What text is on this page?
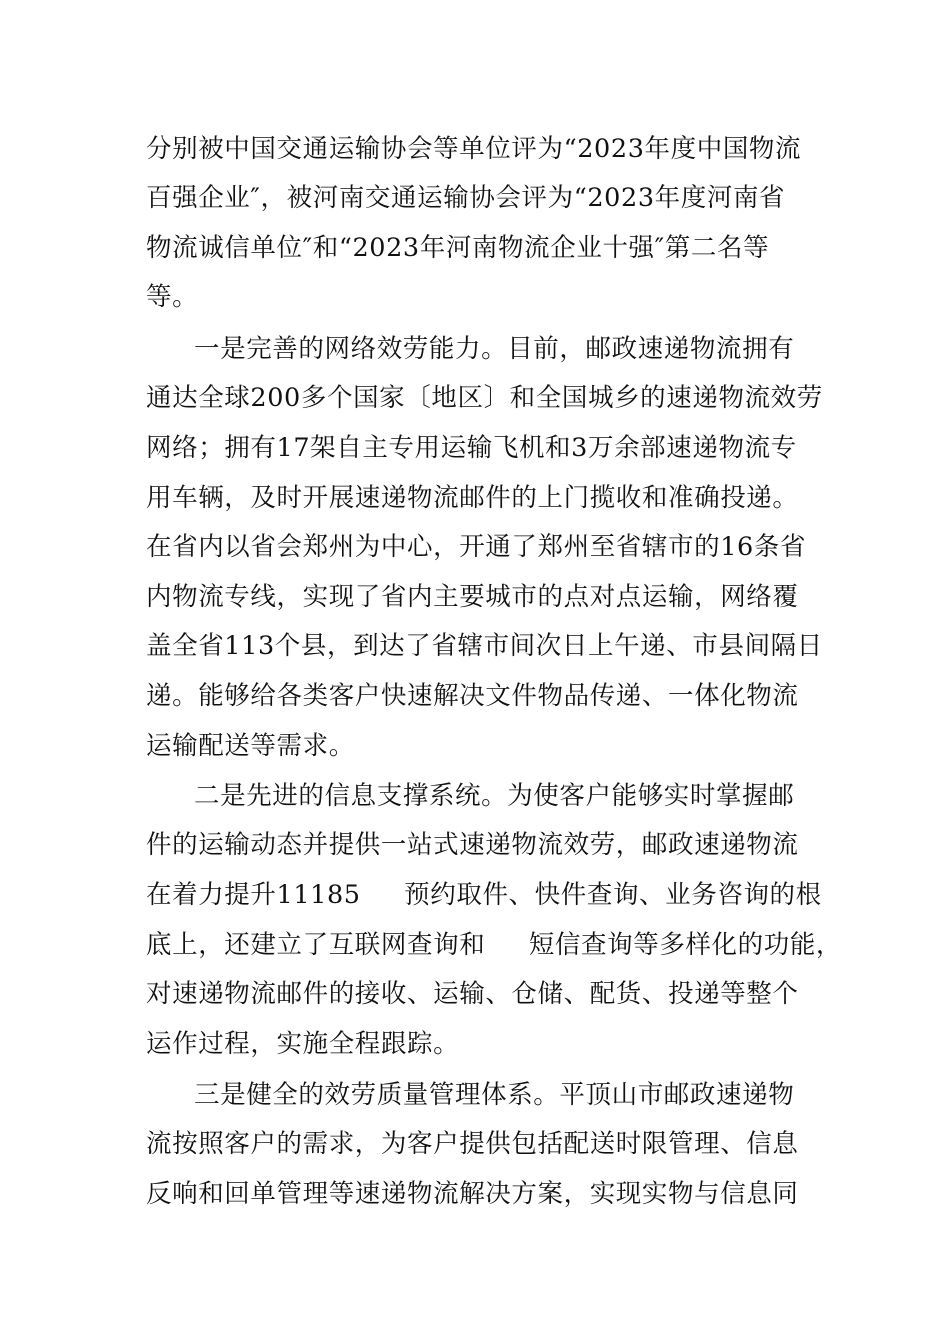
分别被中国交通运输协会等单位评为“2023年度中国物流
百强企业″，被河南交通运输协会评为“2023年度河南省
物流诚信单位″和“2023年河南物流企业十强″第二名等
等。
一是完善的网络效劳能力。目前，邮政速递物流拥有
通达全球200多个国家〔地区〕和全国城乡的速递物流效劳
网络；拥有17架自主专用运输飞机和3万余部速递物流专
用车辆，及时开展速递物流邮件的上门揽收和准确投递。
在省内以省会郑州为中心，开通了郑州至省辖市的16条省
内物流专线，实现了省内主要城市的点对点运输，网络覆
盖全省113个县，到达了省辖市间次日上午递、市县间隔日
递。能够给各类客户快速解决文件物品传递、一体化物流
运输配送等需求。
二是先进的信息支撑系统。为使客户能够实时掌握邮
件的运输动态并提供一站式速递物流效劳，邮政速递物流
在着力提升11185     预约取件、快件查询、业务咨询的根
底上，还建立了互联网查询和     短信查询等多样化的功能，
对速递物流邮件的接收、运输、仓储、配货、投递等整个
运作过程，实施全程跟踪。
三是健全的效劳质量管理体系。平顶山市邮政速递物
流按照客户的需求，为客户提供包括配送时限管理、信息
反响和回单管理等速递物流解决方案，实现实物与信息同
